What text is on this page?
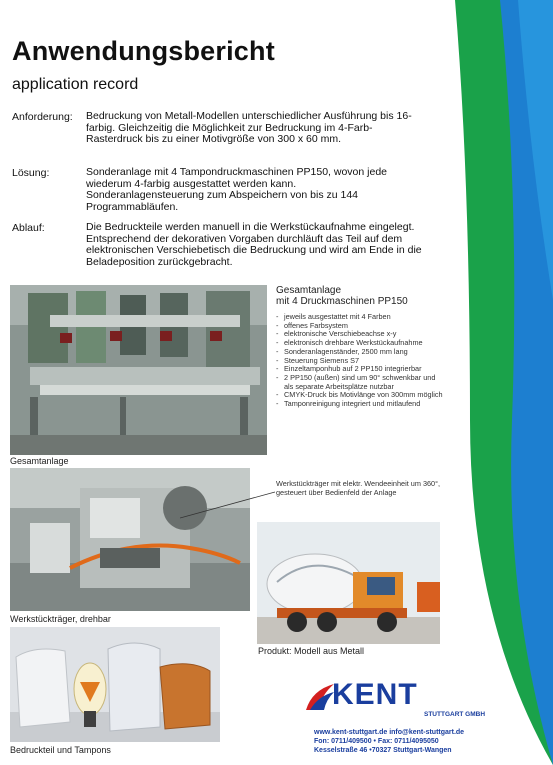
Anwendungsbericht
application record
Anforderung: Bedruckung von Metall-Modellen unterschiedlicher Ausführung bis 16-farbig. Gleichzeitig die Möglichkeit zur Bedruckung im 4-Farb-Rasterdruck bis zu einer Motivgröße von 300 x 60 mm.
Lösung:	Sonderanlage mit 4 Tampondruckmaschinen PP150, wovon jede wiederum 4-farbig ausgestattet werden kann. Sonderanlagensteuerung zum Abspeichern von bis zu 144 Programmabläufen.
Ablauf:	Die Bedruckteile werden manuell in die Werkstückaufnahme eingelegt. Entsprechend der dekorativen Vorgaben durchläuft das Teil auf dem elektronischen Verschiebetisch die Bedruckung und wird am Ende in die Beladeposition zurückgebracht.
Gesamtanlage
Gesamtanlage
mit 4 Druckmaschinen PP150
- jeweils ausgestattet mit 4 Farben
- offenes Farbsystem
- elektronische Verschiebeachse x-y
- elektronisch drehbare Werkstückaufnahme
- Sonderanlagenständer, 2500 mm lang
- Steuerung Siemens S7
- Einzeltamponhub auf 2 PP150 integrierbar
- 2 PP150 (außen) sind um 90° schwenkbar und als separate Arbeitsplätze nutzbar
- CMYK-Druck bis Motivlänge von 300mm möglich
- Tamponreinigung integriert und mitlaufend
Werkstückträger, drehbar
Werkstückträger mit elektr. Wendeeinheit um 360°, gesteuert über Bedienfeld der Anlage
Produkt: Modell aus Metall
Bedruckteil und Tampons
KENT
STUTTGART GMBH
www.kent-stuttgart.de info@kent-stuttgart.de
Fon: 0711/409500 • Fax: 0711/4095050
Kesselstraße 46 •70327 Stuttgart-Wangen
